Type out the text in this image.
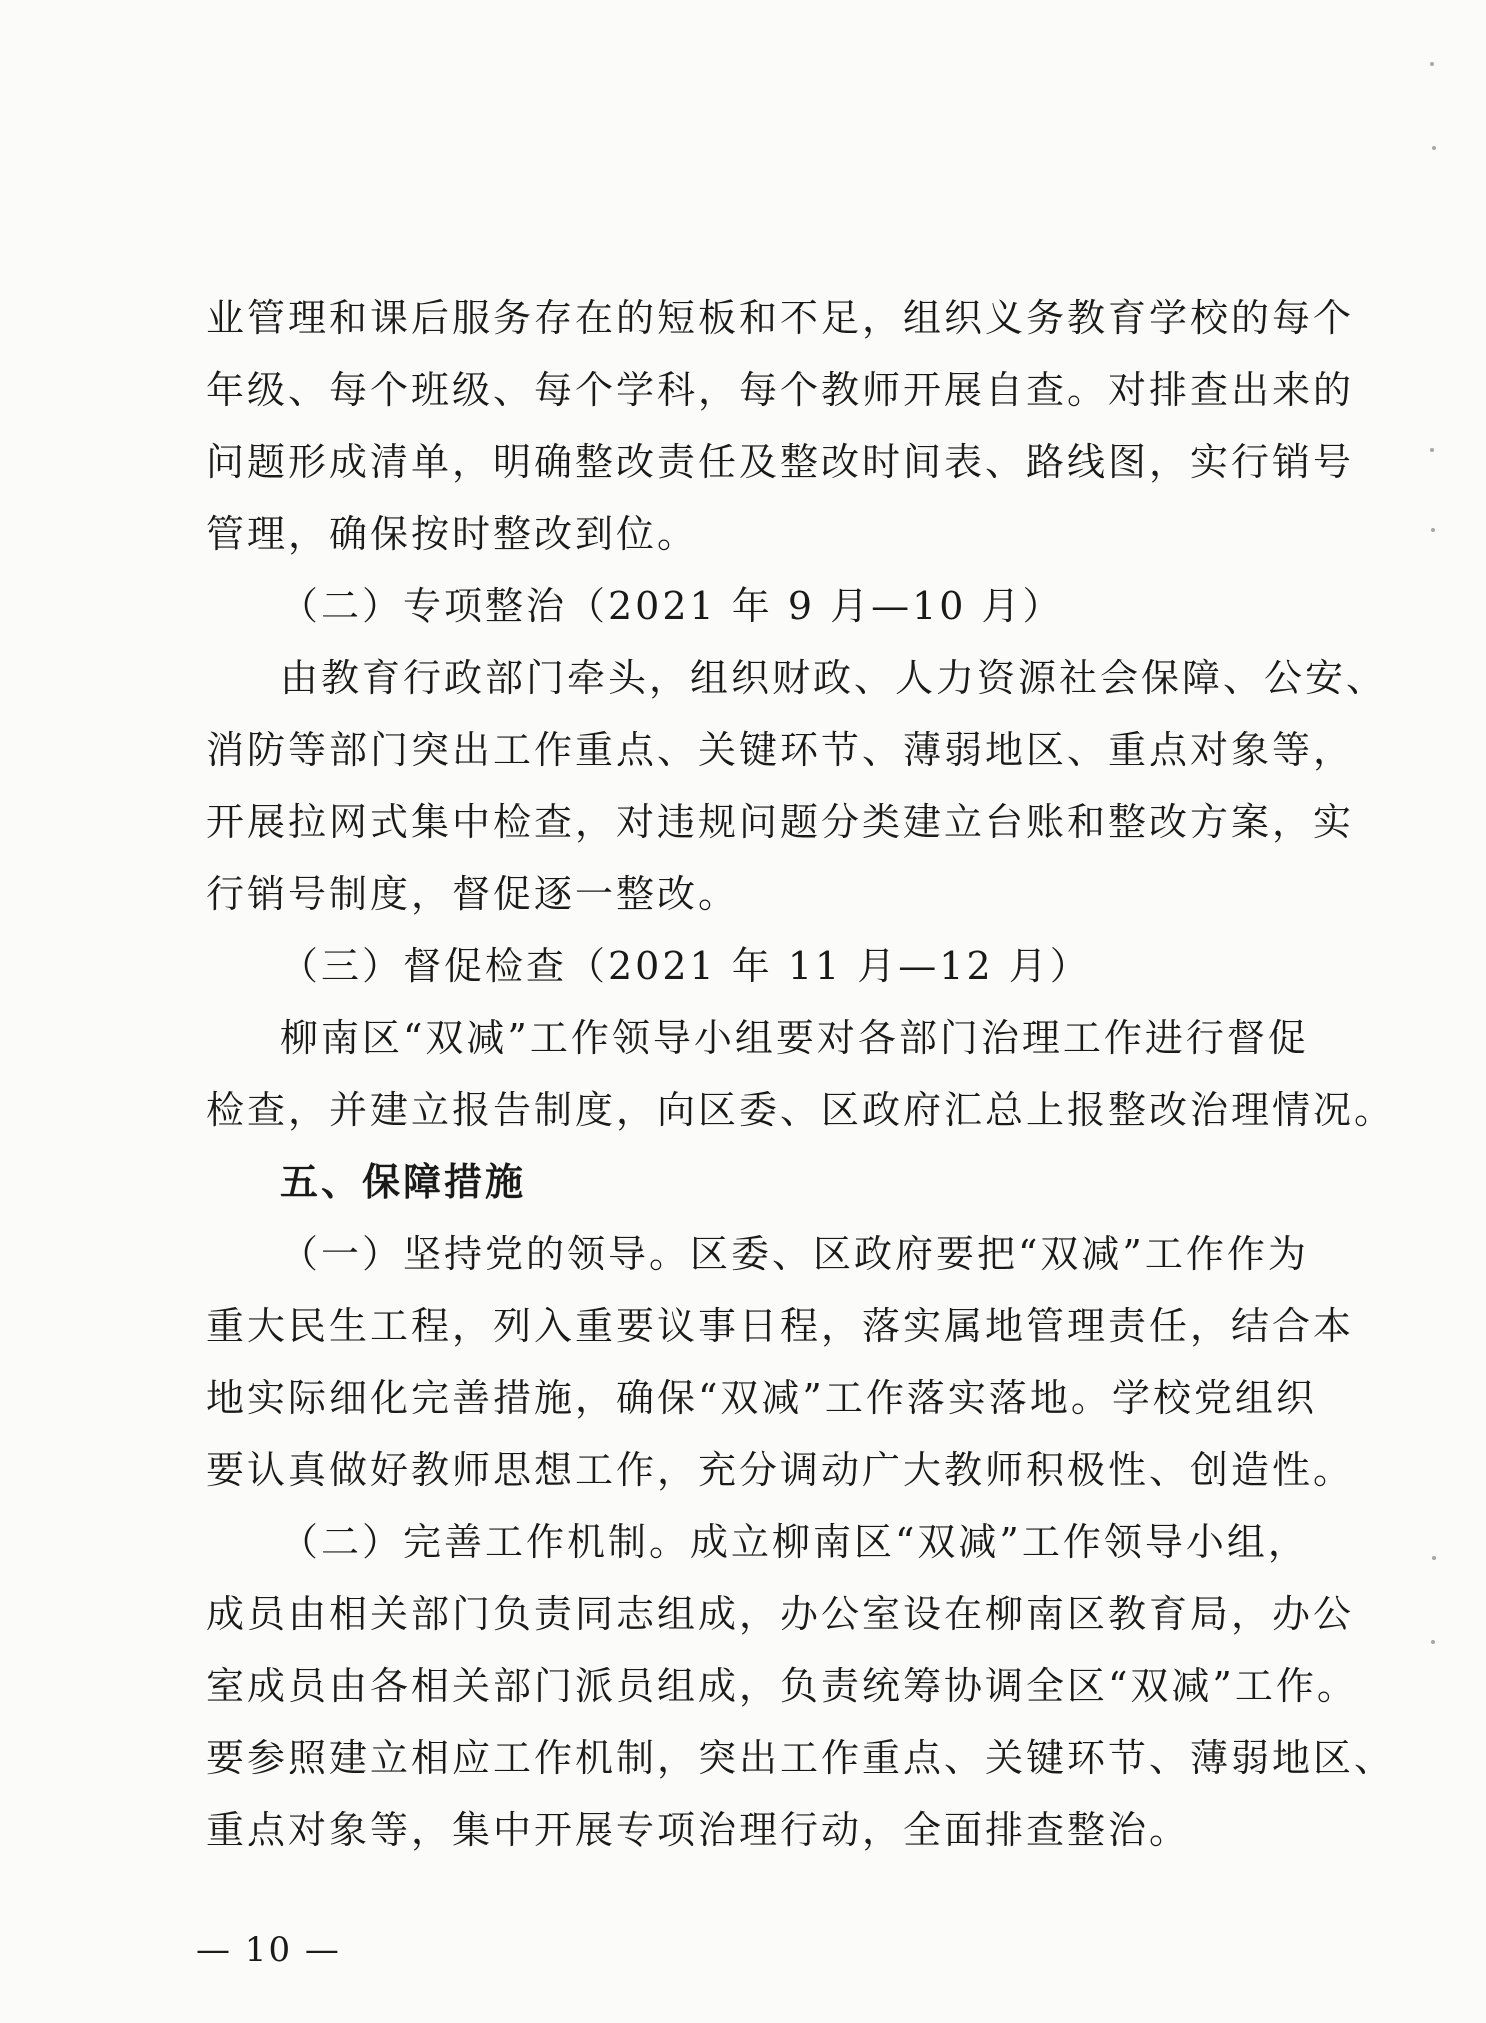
业管理和课后服务存在的短板和不足，组织义务教育学校的每个
年级、每个班级、每个学科，每个教师开展自查。对排查出来的
问题形成清单，明确整改责任及整改时间表、路线图，实行销号
管理，确保按时整改到位。
（二）专项整治（2021 年 9 月—10 月）
由教育行政部门牵头，组织财政、人力资源社会保障、公安、
消防等部门突出工作重点、关键环节、薄弱地区、重点对象等，
开展拉网式集中检查，对违规问题分类建立台账和整改方案，实
行销号制度，督促逐一整改。
（三）督促检查（2021 年 11 月—12 月）
柳南区“双减”工作领导小组要对各部门治理工作进行督促
检查，并建立报告制度，向区委、区政府汇总上报整改治理情况。
五、保障措施
（一）坚持党的领导。区委、区政府要把“双减”工作作为
重大民生工程，列入重要议事日程，落实属地管理责任，结合本
地实际细化完善措施，确保“双减”工作落实落地。学校党组织
要认真做好教师思想工作，充分调动广大教师积极性、创造性。
（二）完善工作机制。成立柳南区“双减”工作领导小组，
成员由相关部门负责同志组成，办公室设在柳南区教育局，办公
室成员由各相关部门派员组成，负责统筹协调全区“双减”工作。
要参照建立相应工作机制，突出工作重点、关键环节、薄弱地区、
重点对象等，集中开展专项治理行动，全面排查整治。
— 10 —
